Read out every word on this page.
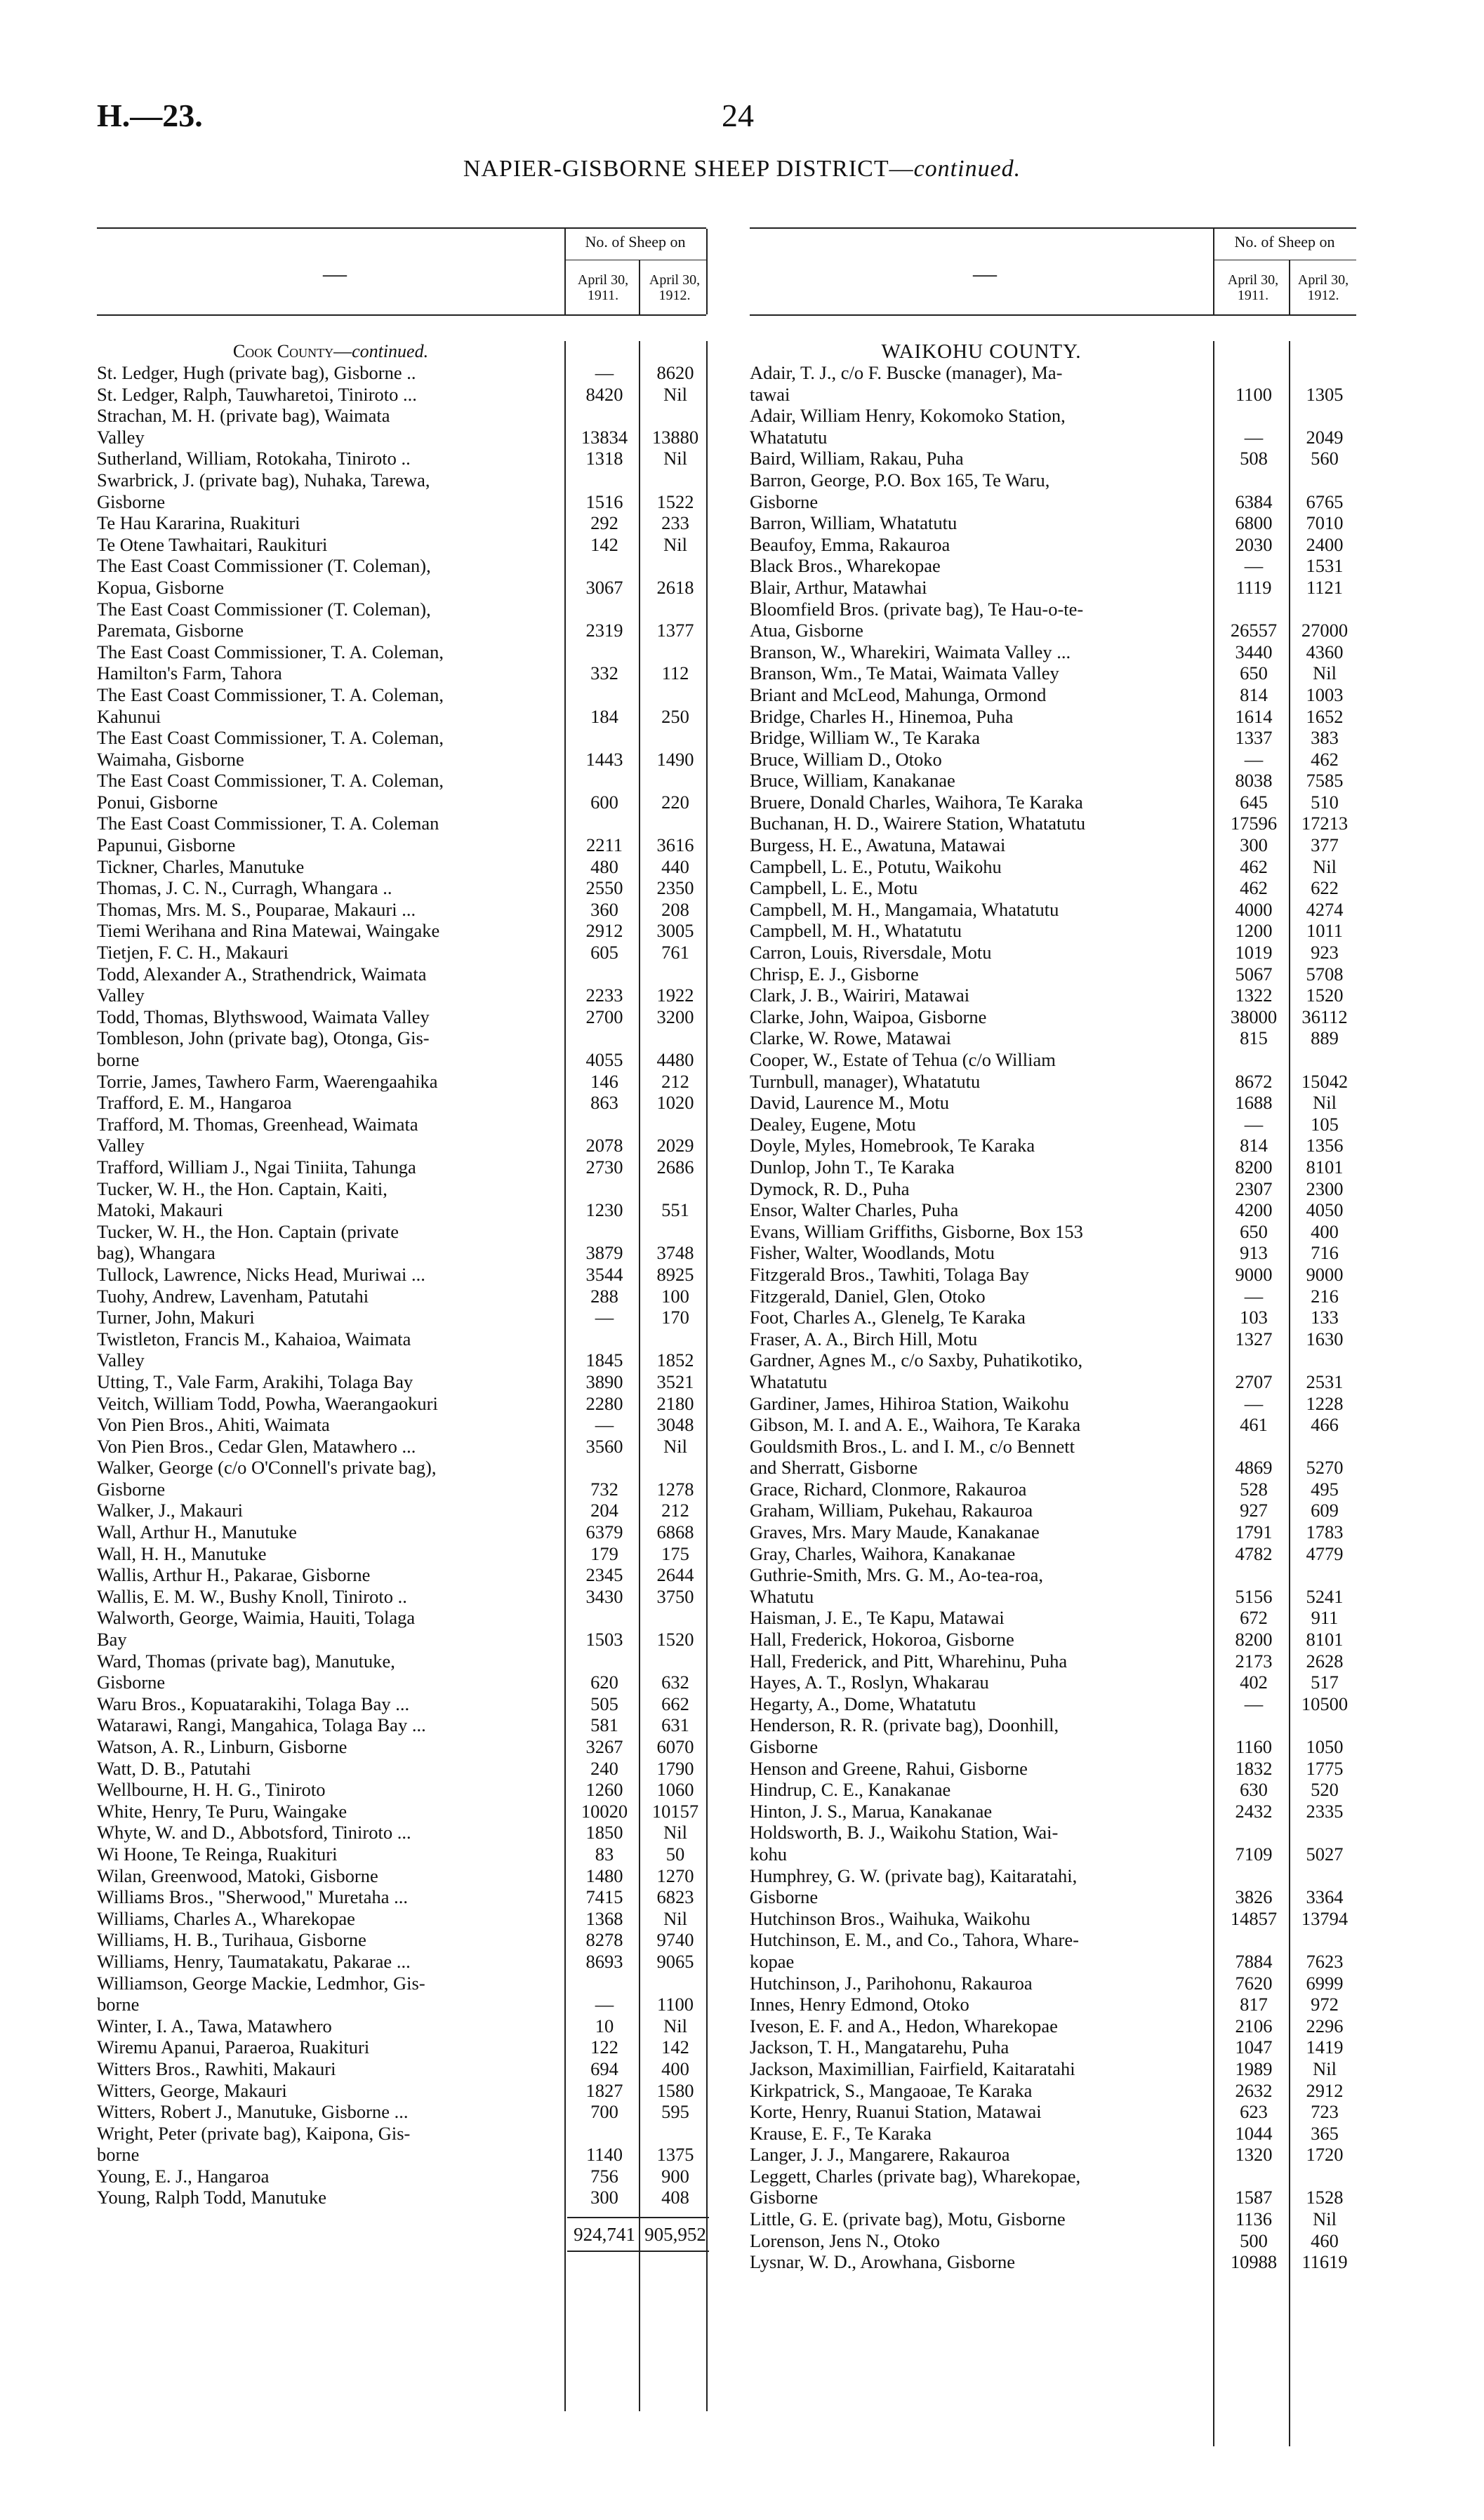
H.—23.	24
NAPIER-GISBORNE SHEEP DISTRICT—continued.
—
No. of Sheep on
April 30, 1911.
April 30, 1912.
Cook County—continued.
St. Ledger, Hugh (private bag), Gisborne ..	—	8620
St. Ledger, Ralph, Tauwharetoi, Tiniroto ...	8420	Nil
Strachan, M. H. (private bag), Waimata
Valley	13834	13880
Sutherland, William, Rotokaha, Tiniroto ..	1318	Nil
Swarbrick, J. (private bag), Nuhaka, Tarewa,
Gisborne	1516	1522
Te Hau Kararina, Ruakituri	292	233
Te Otene Tawhaitari, Raukituri	142	Nil
The East Coast Commissioner (T. Coleman),
Kopua, Gisborne	3067	2618
The East Coast Commissioner (T. Coleman),
Paremata, Gisborne	2319	1377
The East Coast Commissioner, T. A. Coleman,
Hamilton's Farm, Tahora	332	112
The East Coast Commissioner, T. A. Coleman,
Kahunui	184	250
The East Coast Commissioner, T. A. Coleman,
Waimaha, Gisborne	1443	1490
The East Coast Commissioner, T. A. Coleman,
Ponui, Gisborne	600	220
The East Coast Commissioner, T. A. Coleman
Papunui, Gisborne	2211	3616
Tickner, Charles, Manutuke	480	440
Thomas, J. C. N., Curragh, Whangara ..	2550	2350
Thomas, Mrs. M. S., Pouparae, Makauri ...	360	208
Tiemi Werihana and Rina Matewai, Waingake	2912	3005
Tietjen, F. C. H., Makauri	605	761
Todd, Alexander A., Strathendrick, Waimata
Valley	2233	1922
Todd, Thomas, Blythswood, Waimata Valley	2700	3200
Tombleson, John (private bag), Otonga, Gis-
borne	4055	4480
Torrie, James, Tawhero Farm, Waerengaahika	146	212
Trafford, E. M., Hangaroa	863	1020
Trafford, M. Thomas, Greenhead, Waimata
Valley	2078	2029
Trafford, William J., Ngai Tiniita, Tahunga	2730	2686
Tucker, W. H., the Hon. Captain, Kaiti,
Matoki, Makauri	1230	551
Tucker, W. H., the Hon. Captain (private
bag), Whangara	3879	3748
Tullock, Lawrence, Nicks Head, Muriwai ...	3544	8925
Tuohy, Andrew, Lavenham, Patutahi	288	100
Turner, John, Makuri	—	170
Twistleton, Francis M., Kahaioa, Waimata
Valley	1845	1852
Utting, T., Vale Farm, Arakihi, Tolaga Bay	3890	3521
Veitch, William Todd, Powha, Waerangaokuri	2280	2180
Von Pien Bros., Ahiti, Waimata	—	3048
Von Pien Bros., Cedar Glen, Matawhero ...	3560	Nil
Walker, George (c/o O'Connell's private bag),
Gisborne	732	1278
Walker, J., Makauri	204	212
Wall, Arthur H., Manutuke	6379	6868
Wall, H. H., Manutuke	179	175
Wallis, Arthur H., Pakarae, Gisborne	2345	2644
Wallis, E. M. W., Bushy Knoll, Tiniroto ..	3430	3750
Walworth, George, Waimia, Hauiti, Tolaga
Bay	1503	1520
Ward, Thomas (private bag), Manutuke,
Gisborne	620	632
Waru Bros., Kopuatarakihi, Tolaga Bay ...	505	662
Watarawi, Rangi, Mangahica, Tolaga Bay ...	581	631
Watson, A. R., Linburn, Gisborne	3267	6070
Watt, D. B., Patutahi	240	1790
Wellbourne, H. H. G., Tiniroto	1260	1060
White, Henry, Te Puru, Waingake	10020	10157
Whyte, W. and D., Abbotsford, Tiniroto ...	1850	Nil
Wi Hoone, Te Reinga, Ruakituri	83	50
Wilan, Greenwood, Matoki, Gisborne	1480	1270
Williams Bros., "Sherwood," Muretaha ...	7415	6823
Williams, Charles A., Wharekopae	1368	Nil
Williams, H. B., Turihaua, Gisborne	8278	9740
Williams, Henry, Taumatakatu, Pakarae ...	8693	9065
Williamson, George Mackie, Ledmhor, Gis-
borne	—	1100
Winter, I. A., Tawa, Matawhero	10	Nil
Wiremu Apanui, Paraeroa, Ruakituri	122	142
Witters Bros., Rawhiti, Makauri	694	400
Witters, George, Makauri	1827	1580
Witters, Robert J., Manutuke, Gisborne ...	700	595
Wright, Peter (private bag), Kaipona, Gis-
borne	1140	1375
Young, E. J., Hangaroa	756	900
Young, Ralph Todd, Manutuke	300	408
924,741 905,952
—
No. of Sheep on
April 30, 1911.
April 30, 1912.
WAIKOHU COUNTY.
Adair, T. J., c/o F. Buscke (manager), Ma-
tawai	1100	1305
Adair, William Henry, Kokomoko Station,
Whatatutu	—	2049
Baird, William, Rakau, Puha	508	560
Barron, George, P.O. Box 165, Te Waru,
Gisborne	6384	6765
Barron, William, Whatatutu	6800	7010
Beaufoy, Emma, Rakauroa	2030	2400
Black Bros., Wharekopae	—	1531
Blair, Arthur, Matawhai	1119	1121
Bloomfield Bros. (private bag), Te Hau-o-te-
Atua, Gisborne	26557	27000
Branson, W., Wharekiri, Waimata Valley ...	3440	4360
Branson, Wm., Te Matai, Waimata Valley	650	Nil
Briant and McLeod, Mahunga, Ormond	814	1003
Bridge, Charles H., Hinemoa, Puha	1614	1652
Bridge, William W., Te Karaka	1337	383
Bruce, William D., Otoko	—	462
Bruce, William, Kanakanae	8038	7585
Bruere, Donald Charles, Waihora, Te Karaka	645	510
Buchanan, H. D., Wairere Station, Whatatutu	17596	17213
Burgess, H. E., Awatuna, Matawai	300	377
Campbell, L. E., Potutu, Waikohu	462	Nil
Campbell, L. E., Motu	462	622
Campbell, M. H., Mangamaia, Whatatutu	4000	4274
Campbell, M. H., Whatatutu	1200	1011
Carron, Louis, Riversdale, Motu	1019	923
Chrisp, E. J., Gisborne	5067	5708
Clark, J. B., Wairiri, Matawai	1322	1520
Clarke, John, Waipoa, Gisborne	38000	36112
Clarke, W. Rowe, Matawai	815	889
Cooper, W., Estate of Tehua (c/o William
Turnbull, manager), Whatatutu	8672	15042
David, Laurence M., Motu	1688	Nil
Dealey, Eugene, Motu	—	105
Doyle, Myles, Homebrook, Te Karaka	814	1356
Dunlop, John T., Te Karaka	8200	8101
Dymock, R. D., Puha	2307	2300
Ensor, Walter Charles, Puha	4200	4050
Evans, William Griffiths, Gisborne, Box 153	650	400
Fisher, Walter, Woodlands, Motu	913	716
Fitzgerald Bros., Tawhiti, Tolaga Bay	9000	9000
Fitzgerald, Daniel, Glen, Otoko	—	216
Foot, Charles A., Glenelg, Te Karaka	103	133
Fraser, A. A., Birch Hill, Motu	1327	1630
Gardner, Agnes M., c/o Saxby, Puhatikotiko,
Whatatutu	2707	2531
Gardiner, James, Hihiroa Station, Waikohu	—	1228
Gibson, M. I. and A. E., Waihora, Te Karaka	461	466
Gouldsmith Bros., L. and I. M., c/o Bennett
and Sherratt, Gisborne	4869	5270
Grace, Richard, Clonmore, Rakauroa	528	495
Graham, William, Pukehau, Rakauroa	927	609
Graves, Mrs. Mary Maude, Kanakanae	1791	1783
Gray, Charles, Waihora, Kanakanae	4782	4779
Guthrie-Smith, Mrs. G. M., Ao-tea-roa,
Whatutu	5156	5241
Haisman, J. E., Te Kapu, Matawai	672	911
Hall, Frederick, Hokoroa, Gisborne	8200	8101
Hall, Frederick, and Pitt, Wharehinu, Puha	2173	2628
Hayes, A. T., Roslyn, Whakarau	402	517
Hegarty, A., Dome, Whatatutu	—	10500
Henderson, R. R. (private bag), Doonhill,
Gisborne	1160	1050
Henson and Greene, Rahui, Gisborne	1832	1775
Hindrup, C. E., Kanakanae	630	520
Hinton, J. S., Marua, Kanakanae	2432	2335
Holdsworth, B. J., Waikohu Station, Wai-
kohu	7109	5027
Humphrey, G. W. (private bag), Kaitaratahi,
Gisborne	3826	3364
Hutchinson Bros., Waihuka, Waikohu	14857	13794
Hutchinson, E. M., and Co., Tahora, Whare-
kopae	7884	7623
Hutchinson, J., Parihohonu, Rakauroa	7620	6999
Innes, Henry Edmond, Otoko	817	972
Iveson, E. F. and A., Hedon, Wharekopae	2106	2296
Jackson, T. H., Mangatarehu, Puha	1047	1419
Jackson, Maximillian, Fairfield, Kaitaratahi	1989	Nil
Kirkpatrick, S., Mangaoae, Te Karaka	2632	2912
Korte, Henry, Ruanui Station, Matawai	623	723
Krause, E. F., Te Karaka	1044	365
Langer, J. J., Mangarere, Rakauroa	1320	1720
Leggett, Charles (private bag), Wharekopae,
Gisborne	1587	1528
Little, G. E. (private bag), Motu, Gisborne	1136	Nil
Lorenson, Jens N., Otoko	500	460
Lysnar, W. D., Arowhana, Gisborne	10988	11619
